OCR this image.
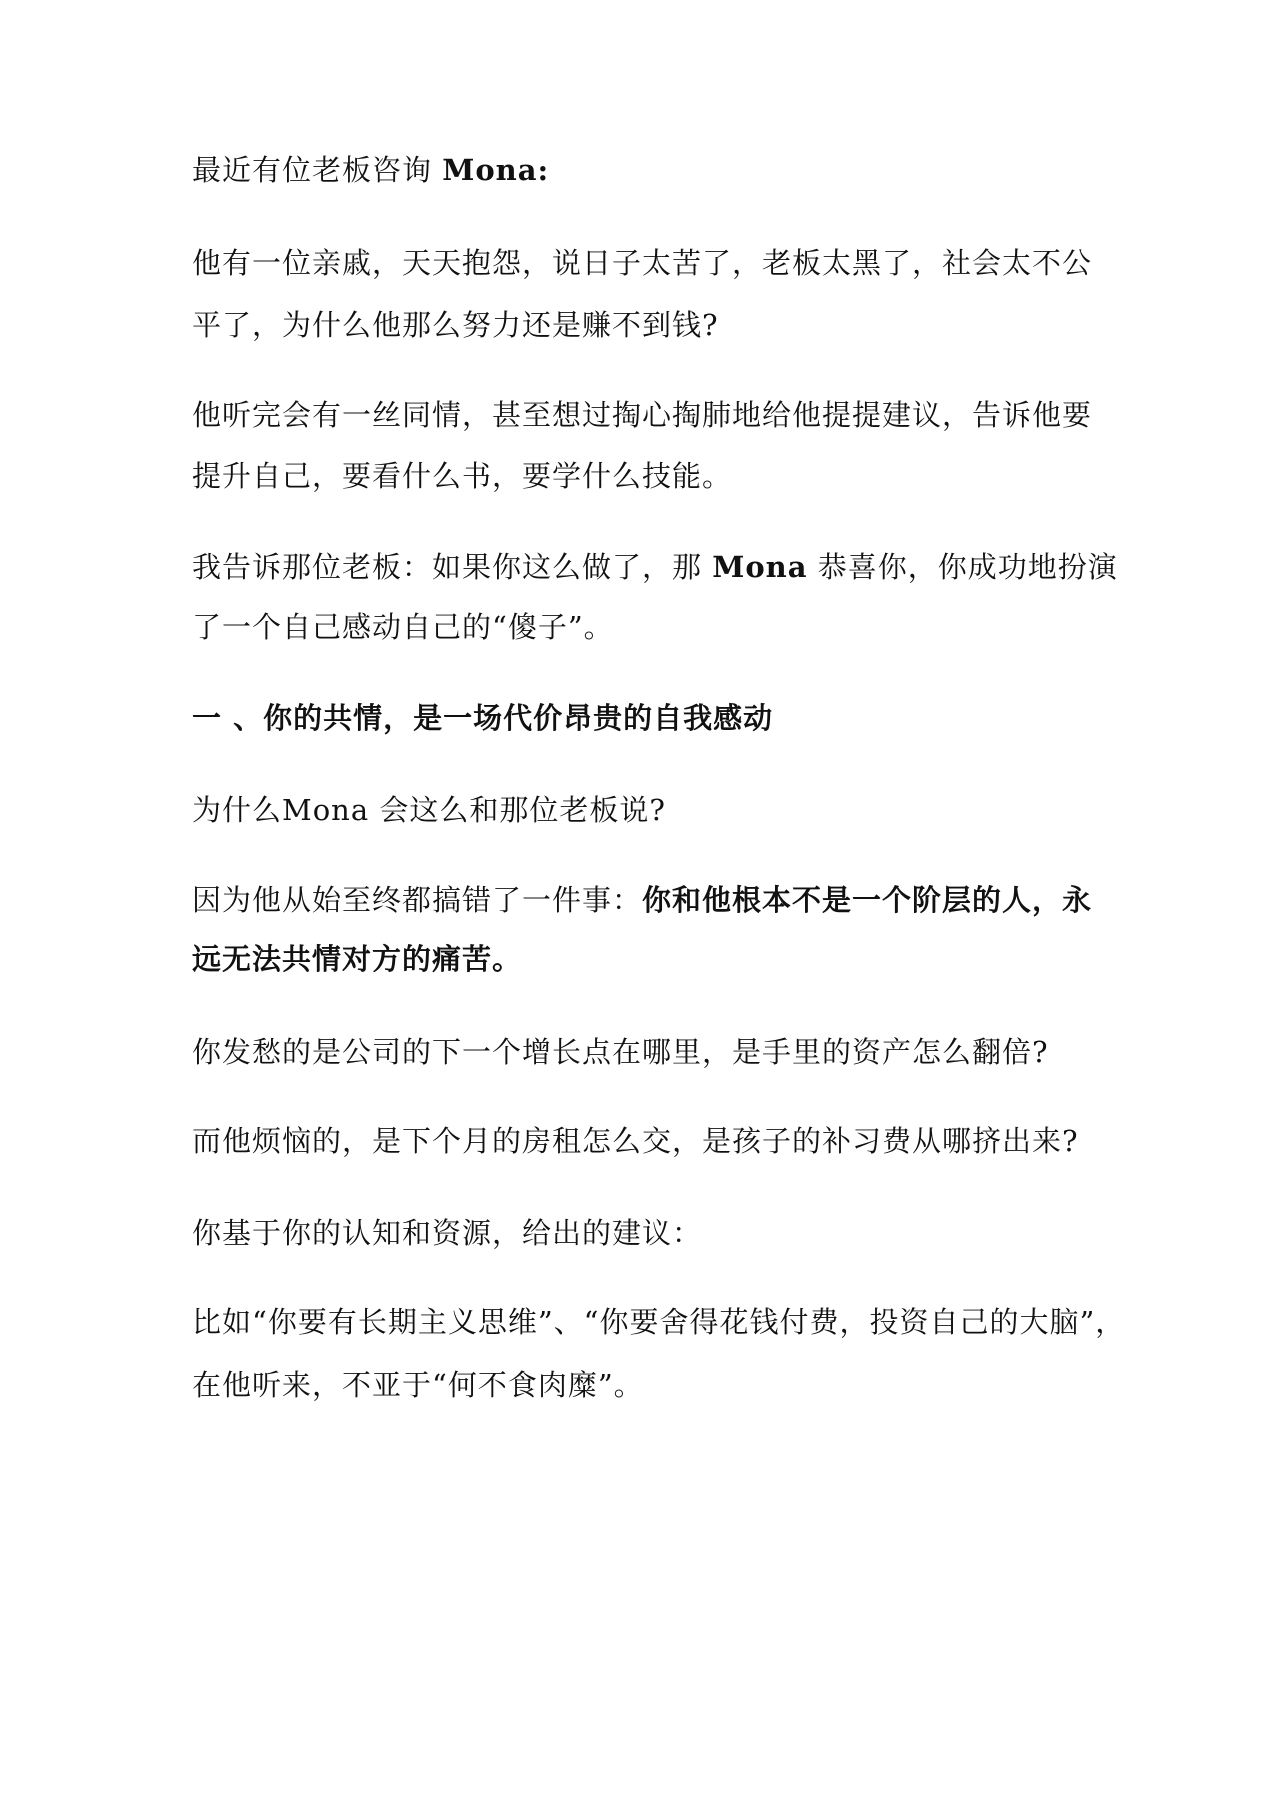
最近有位老板咨询 Mona:
他有一位亲戚，天天抱怨，说日子太苦了，老板太黑了，社会太不公
平了，为什么他那么努力还是赚不到钱?
他听完会有一丝同情，甚至想过掏心掏肺地给他提提建议，告诉他要
提升自己，要看什么书，要学什么技能。
我告诉那位老板：如果你这么做了，那 Mona 恭喜你，你成功地扮演
了一个自己感动自己的“傻子”。
一 、你的共情，是一场代价昂贵的自我感动
为什么Mona 会这么和那位老板说?
因为他从始至终都搞错了一件事：你和他根本不是一个阶层的人，永
远无法共情对方的痛苦。
你发愁的是公司的下一个增长点在哪里，是手里的资产怎么翻倍?
而他烦恼的，是下个月的房租怎么交，是孩子的补习费从哪挤出来?
你基于你的认知和资源，给出的建议：
比如“你要有长期主义思维”、“你要舍得花钱付费，投资自己的大脑”，
在他听来，不亚于“何不食肉糜”。
